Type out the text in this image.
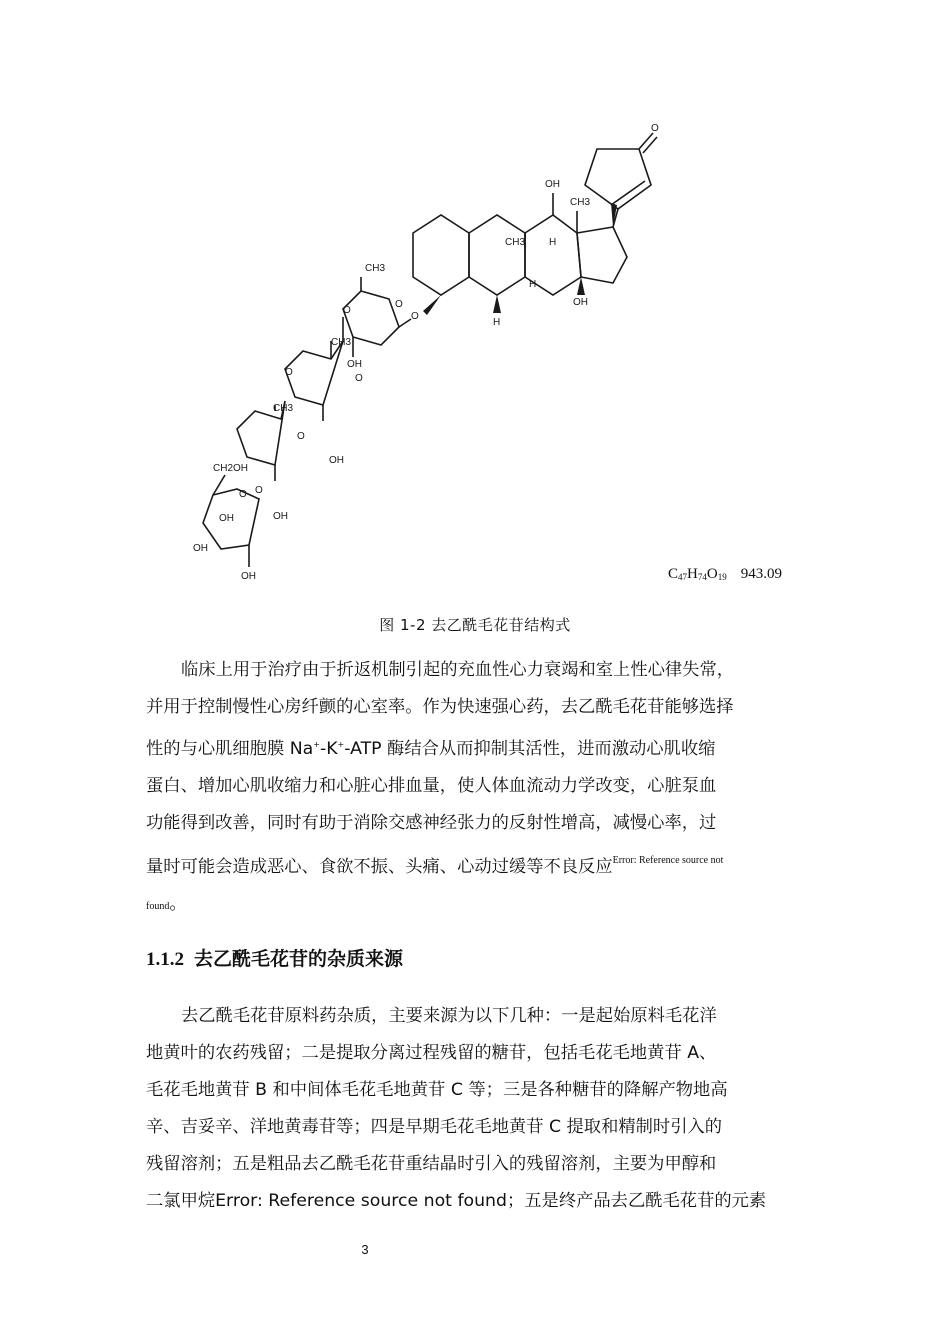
O
OH
CH3
CH3 H
H
OH
H
O
O
CH3
OH
O
O
CH3
OH
O
O
CH3
OH
O
O
CH2OH
OH
OH
OH	$C_{47}H_{74}O_{19}$ 943.09
图 1-2 去乙酰毛花苷结构式
临床上用于治疗由于折返机制引起的充血性心力衰竭和室上性心律失常，
并用于控制慢性心房纤颤的心室率。作为快速强心药，去乙酰毛花苷能够选择
性的与心肌细胞膜 Na+-K+-ATP 酶结合从而抑制其活性，进而激动心肌收缩
蛋白、增加心肌收缩力和心脏心排血量，使人体血流动力学改变，心脏泵血
功能得到改善，同时有助于消除交感神经张力的反射性增高，减慢心率，过
量时可能会造成恶心、食欲不振、头痛、心动过缓等不良反应$^{Error: Reference source not}$
found。
1.1.2 去乙酰毛花苷的杂质来源
去乙酰毛花苷原料药杂质，主要来源为以下几种：一是起始原料毛花洋
地黄叶的农药残留；二是提取分离过程残留的糖苷，包括毛花毛地黄苷 A、
毛花毛地黄苷 B 和中间体毛花毛地黄苷 C 等；三是各种糖苷的降解产物地高
辛、吉妥辛、洋地黄毒苷等；四是早期毛花毛地黄苷 C 提取和精制时引入的
残留溶剂；五是粗品去乙酰毛花苷重结晶时引入的残留溶剂，主要为甲醇和
二氯甲烷Error: Reference source not found；五是终产品去乙酰毛花苷的元素
3
